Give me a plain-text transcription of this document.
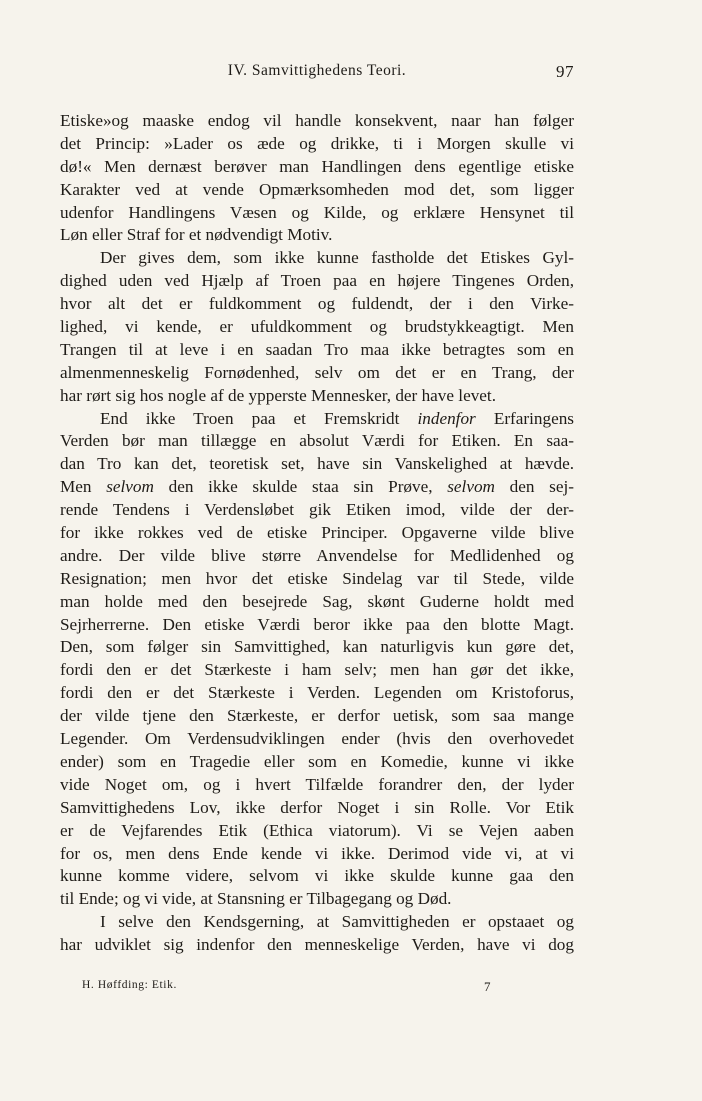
IV. Samvittighedens Teori.	97
Etiske»og maaske endog vil handle konsekvent, naar han følger
det Princip: »Lader os æde og drikke, ti i Morgen skulle vi
dø!« Men dernæst berøver man Handlingen dens egentlige etiske
Karakter ved at vende Opmærksomheden mod det, som ligger
udenfor Handlingens Væsen og Kilde, og erklære Hensynet til
Løn eller Straf for et nødvendigt Motiv.
Der gives dem, som ikke kunne fastholde det Etiskes Gyl-
dighed uden ved Hjælp af Troen paa en højere Tingenes Orden,
hvor alt det er fuldkomment og fuldendt, der i den Virke-
lighed, vi kende, er ufuldkomment og brudstykkeagtigt. Men
Trangen til at leve i en saadan Tro maa ikke betragtes som en
almenmenneskelig Fornødenhed, selv om det er en Trang, der
har rørt sig hos nogle af de ypperste Mennesker, der have levet.
End ikke Troen paa et Fremskridt indenfor Erfaringens
Verden bør man tillægge en absolut Værdi for Etiken. En saa-
dan Tro kan det, teoretisk set, have sin Vanskelighed at hævde.
Men selvom den ikke skulde staa sin Prøve, selvom den sej-
rende Tendens i Verdensløbet gik Etiken imod, vilde der der-
for ikke rokkes ved de etiske Principer. Opgaverne vilde blive
andre. Der vilde blive større Anvendelse for Medlidenhed og
Resignation; men hvor det etiske Sindelag var til Stede, vilde
man holde med den besejrede Sag, skønt Guderne holdt med
Sejrherrerne. Den etiske Værdi beror ikke paa den blotte Magt.
Den, som følger sin Samvittighed, kan naturligvis kun gøre det,
fordi den er det Stærkeste i ham selv; men han gør det ikke,
fordi den er det Stærkeste i Verden. Legenden om Kristoforus,
der vilde tjene den Stærkeste, er derfor uetisk, som saa mange
Legender. Om Verdensudviklingen ender (hvis den overhovedet
ender) som en Tragedie eller som en Komedie, kunne vi ikke
vide Noget om, og i hvert Tilfælde forandrer den, der lyder
Samvittighedens Lov, ikke derfor Noget i sin Rolle. Vor Etik
er de Vejfarendes Etik (Ethica viatorum). Vi se Vejen aaben
for os, men dens Ende kende vi ikke. Derimod vide vi, at vi
kunne komme videre, selvom vi ikke skulde kunne gaa den
til Ende; og vi vide, at Stansning er Tilbagegang og Død.
I selve den Kendsgerning, at Samvittigheden er opstaaet og
har udviklet sig indenfor den menneskelige Verden, have vi dog
H. Høffding: Etik.	7
